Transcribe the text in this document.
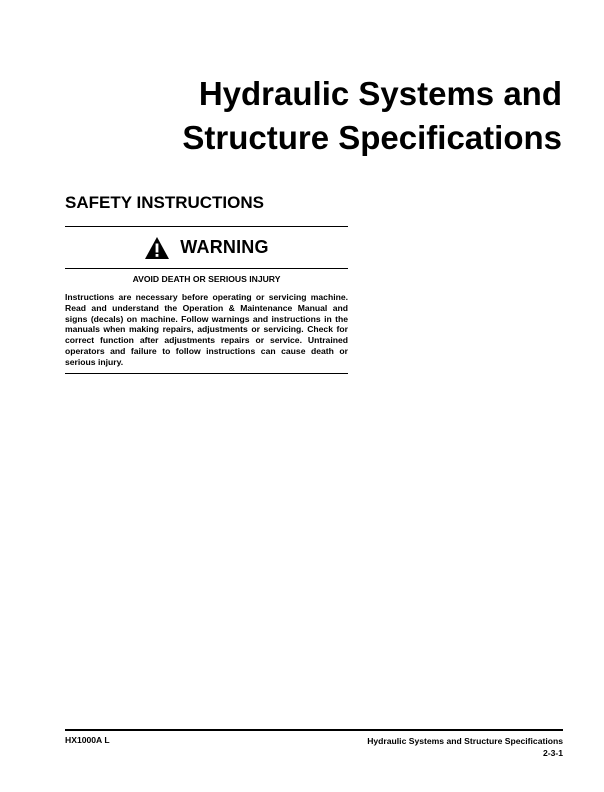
Hydraulic Systems and
Structure Specifications
SAFETY INSTRUCTIONS
WARNING
AVOID DEATH OR SERIOUS INJURY
Instructions are necessary before operating or servicing machine. Read and understand the Operation & Maintenance Manual and signs (decals) on machine. Follow warnings and instructions in the manuals when making repairs, adjustments or servicing. Check for correct function after adjustments repairs or service. Untrained operators and failure to follow instructions can cause death or serious injury.
HX1000A L	Hydraulic Systems and Structure Specifications
2-3-1
